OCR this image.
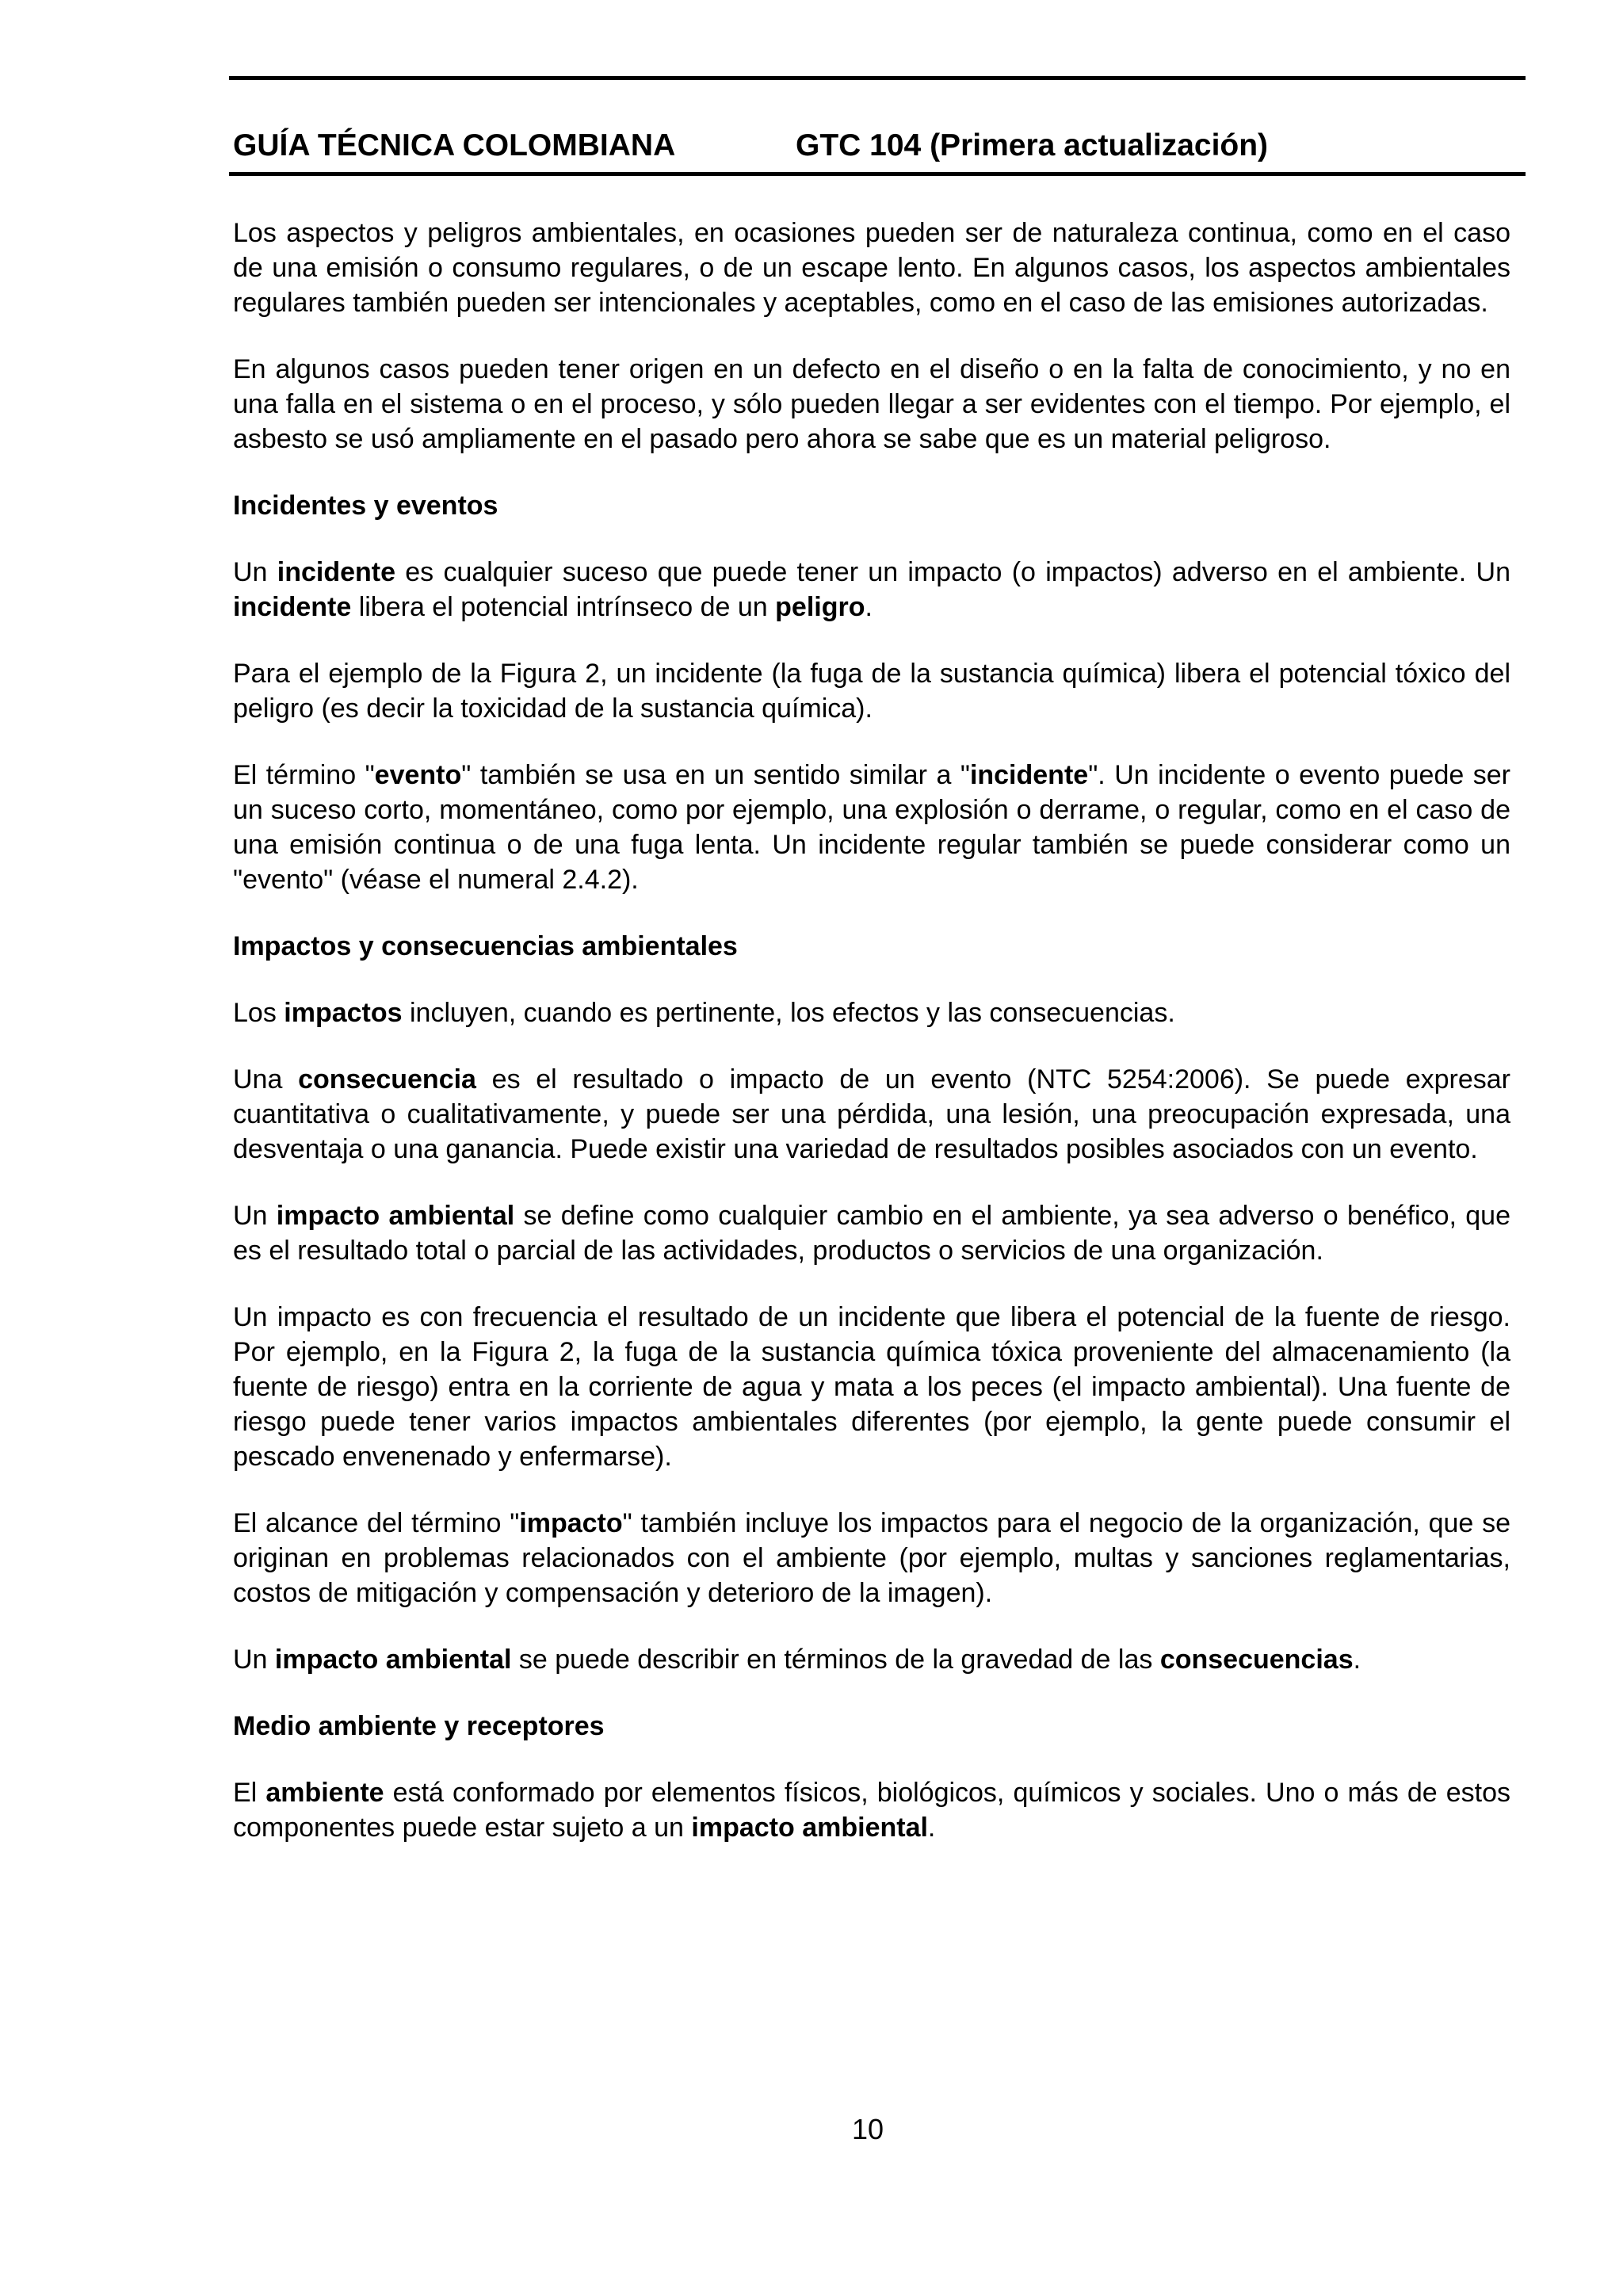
GUÍA TÉCNICA COLOMBIANA	GTC 104 (Primera actualización)

Los aspectos y peligros ambientales, en ocasiones pueden ser de naturaleza continua, como en el caso de una emisión o consumo regulares, o de un escape lento. En algunos casos, los aspectos ambientales regulares también pueden ser intencionales y aceptables, como en el caso de las emisiones autorizadas.

En algunos casos pueden tener origen en un defecto en el diseño o en la falta de conocimiento, y no en una falla en el sistema o en el proceso, y sólo pueden llegar a ser evidentes con el tiempo. Por ejemplo, el asbesto se usó ampliamente en el pasado pero ahora se sabe que es un material peligroso.

Incidentes y eventos

Un incidente es cualquier suceso que puede tener un impacto (o impactos) adverso en el ambiente. Un incidente libera el potencial intrínseco de un peligro.

Para el ejemplo de la Figura 2, un incidente (la fuga de la sustancia química) libera el potencial tóxico del peligro (es decir la toxicidad de la sustancia química).

El término "evento" también se usa en un sentido similar a "incidente". Un incidente o evento puede ser un suceso corto, momentáneo, como por ejemplo, una explosión o derrame, o regular, como en el caso de una emisión continua o de una fuga lenta. Un incidente regular también se puede considerar como un "evento" (véase el numeral 2.4.2).

Impactos y consecuencias ambientales

Los impactos incluyen, cuando es pertinente, los efectos y las consecuencias.

Una consecuencia es el resultado o impacto de un evento (NTC 5254:2006). Se puede expresar cuantitativa o cualitativamente, y puede ser una pérdida, una lesión, una preocupación expresada, una desventaja o una ganancia. Puede existir una variedad de resultados posibles asociados con un evento.

Un impacto ambiental se define como cualquier cambio en el ambiente, ya sea adverso o benéfico, que es el resultado total o parcial de las actividades, productos o servicios de una organización.

Un impacto es con frecuencia el resultado de un incidente que libera el potencial de la fuente de riesgo. Por ejemplo, en la Figura 2, la fuga de la sustancia química tóxica proveniente del almacenamiento (la fuente de riesgo) entra en la corriente de agua y mata a los peces (el impacto ambiental). Una fuente de riesgo puede tener varios impactos ambientales diferentes (por ejemplo, la gente puede consumir el pescado envenenado y enfermarse).

El alcance del término "impacto" también incluye los impactos para el negocio de la organización, que se originan en problemas relacionados con el ambiente (por ejemplo, multas y sanciones reglamentarias, costos de mitigación y compensación y deterioro de la imagen).

Un impacto ambiental se puede describir en términos de la gravedad de las consecuencias.

Medio ambiente y receptores

El ambiente está conformado por elementos físicos, biológicos, químicos y sociales. Uno o más de estos componentes puede estar sujeto a un impacto ambiental.

10
